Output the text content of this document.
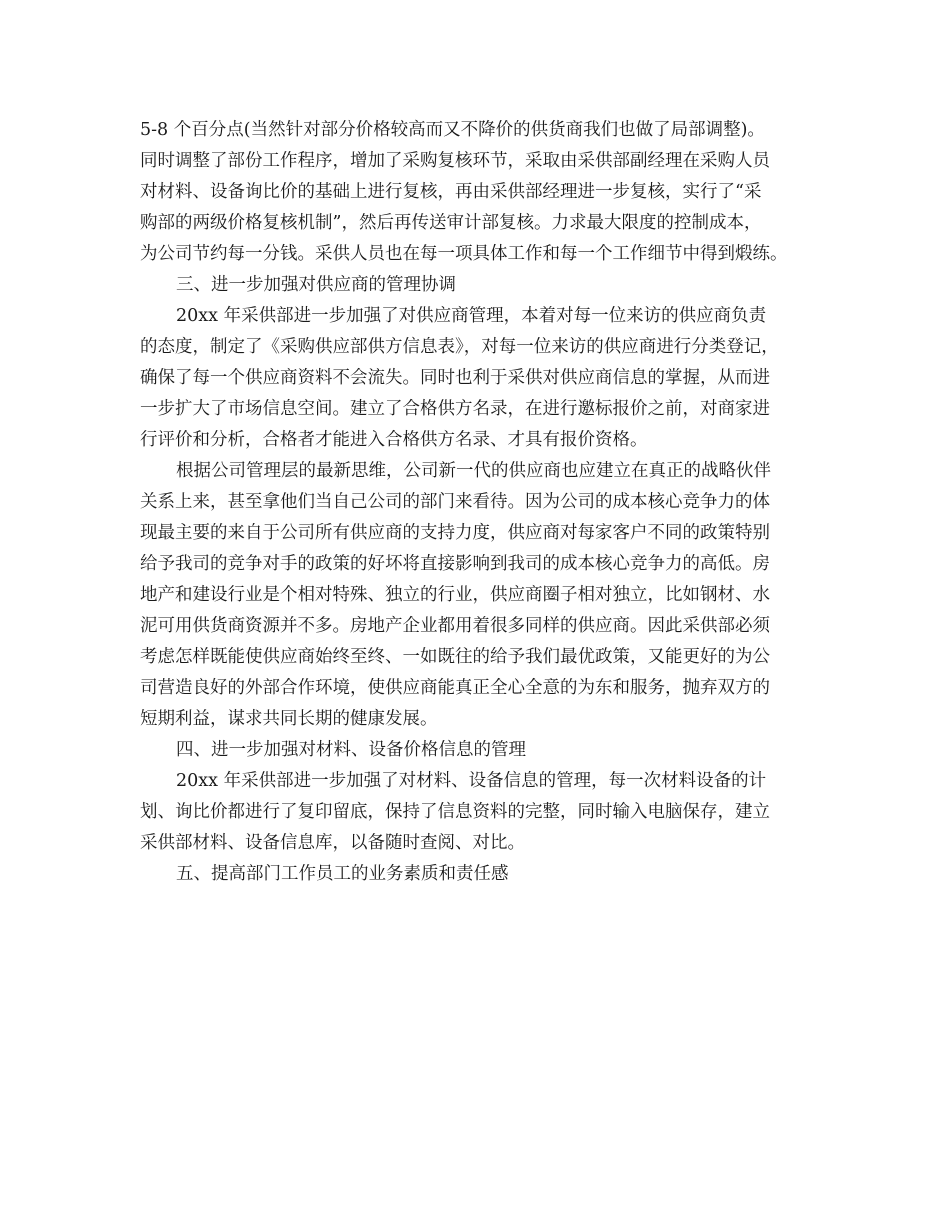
5-8 个百分点(当然针对部分价格较高而又不降价的供货商我们也做了局部调整)。
同时调整了部份工作程序，增加了采购复核环节，采取由采供部副经理在采购人员
对材料、设备询比价的基础上进行复核，再由采供部经理进一步复核，实行了“采
购部的两级价格复核机制”，然后再传送审计部复核。力求最大限度的控制成本，
为公司节约每一分钱。采供人员也在每一项具体工作和每一个工作细节中得到煅练。
三、进一步加强对供应商的管理协调
20xx 年采供部进一步加强了对供应商管理，本着对每一位来访的供应商负责
的态度，制定了《采购供应部供方信息表》，对每一位来访的供应商进行分类登记，
确保了每一个供应商资料不会流失。同时也利于采供对供应商信息的掌握，从而进
一步扩大了市场信息空间。建立了合格供方名录，在进行邀标报价之前，对商家进
行评价和分析，合格者才能进入合格供方名录、才具有报价资格。
根据公司管理层的最新思维，公司新一代的供应商也应建立在真正的战略伙伴
关系上来，甚至拿他们当自己公司的部门来看待。因为公司的成本核心竞争力的体
现最主要的来自于公司所有供应商的支持力度，供应商对每家客户不同的政策特别
给予我司的竞争对手的政策的好坏将直接影响到我司的成本核心竞争力的高低。房
地产和建设行业是个相对特殊、独立的行业，供应商圈子相对独立，比如钢材、水
泥可用供货商资源并不多。房地产企业都用着很多同样的供应商。因此采供部必须
考虑怎样既能使供应商始终至终、一如既往的给予我们最优政策，又能更好的为公
司营造良好的外部合作环境，使供应商能真正全心全意的为东和服务，抛弃双方的
短期利益，谋求共同长期的健康发展。
四、进一步加强对材料、设备价格信息的管理
20xx 年采供部进一步加强了对材料、设备信息的管理，每一次材料设备的计
划、询比价都进行了复印留底，保持了信息资料的完整，同时输入电脑保存，建立
采供部材料、设备信息库，以备随时查阅、对比。
五、提高部门工作员工的业务素质和责任感
